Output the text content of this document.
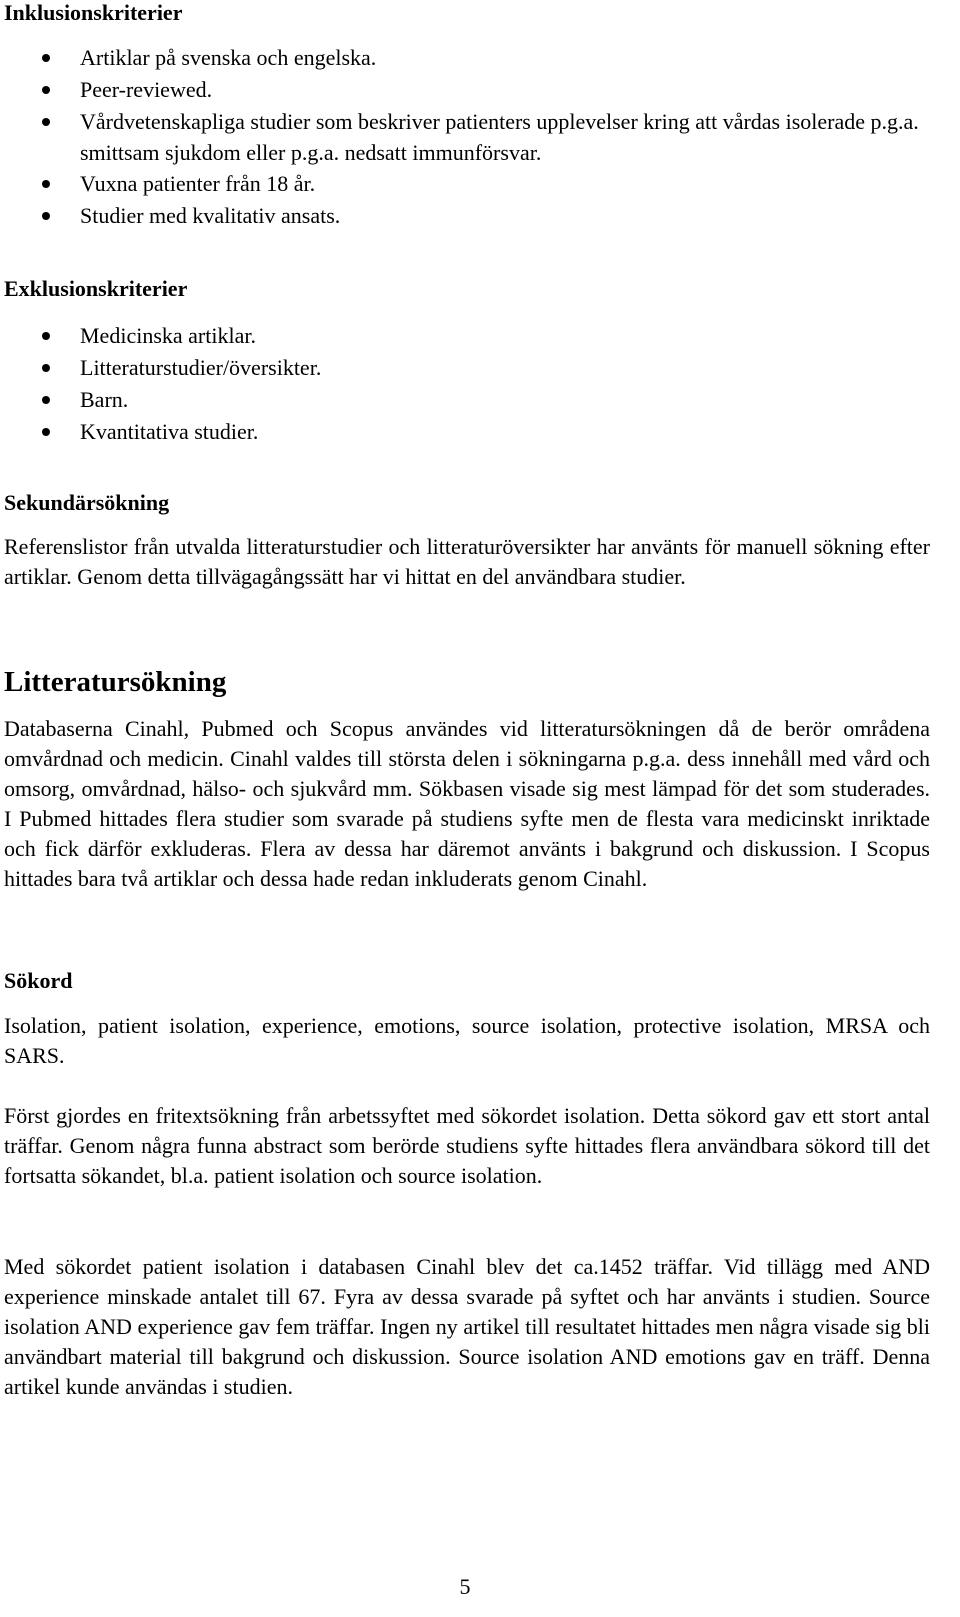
Inklusionskriterier
Artiklar på svenska och engelska.
Peer-reviewed.
Vårdvetenskapliga studier som beskriver patienters upplevelser kring att vårdas isolerade p.g.a. smittsam sjukdom eller p.g.a. nedsatt immunförsvar.
Vuxna patienter från 18 år.
Studier med kvalitativ ansats.
Exklusionskriterier
Medicinska artiklar.
Litteraturstudier/översikter.
Barn.
Kvantitativa studier.
Sekundärsökning

Referenslistor från utvalda litteraturstudier och litteraturöversikter har använts för manuell sökning efter artiklar. Genom detta tillvägagångssätt har vi hittat en del användbara studier.

Litteratursökning

Databaserna Cinahl, Pubmed och Scopus användes vid litteratursökningen då de berör områdena omvårdnad och medicin. Cinahl valdes till största delen i sökningarna p.g.a. dess innehåll med vård och omsorg, omvårdnad, hälso- och sjukvård mm. Sökbasen visade sig mest lämpad för det som studerades. I Pubmed hittades flera studier som svarade på studiens syfte men de flesta vara medicinskt inriktade och fick därför exkluderas. Flera av dessa har däremot använts i bakgrund och diskussion. I Scopus hittades bara två artiklar och dessa hade redan inkluderats genom Cinahl.

Sökord

Isolation, patient isolation, experience, emotions, source isolation, protective isolation, MRSA och SARS.

Först gjordes en fritextsökning från arbetssyftet med sökordet isolation. Detta sökord gav ett stort antal träffar. Genom några funna abstract som berörde studiens syfte hittades flera användbara sökord till det fortsatta sökandet, bl.a. patient isolation och source isolation.

Med sökordet patient isolation i databasen Cinahl blev det ca.1452 träffar. Vid tillägg med AND experience minskade antalet till 67. Fyra av dessa svarade på syftet och har använts i studien. Source isolation AND experience gav fem träffar. Ingen ny artikel till resultatet hittades men några visade sig bli användbart material till bakgrund och diskussion. Source isolation AND emotions gav en träff. Denna artikel kunde användas i studien.

5
